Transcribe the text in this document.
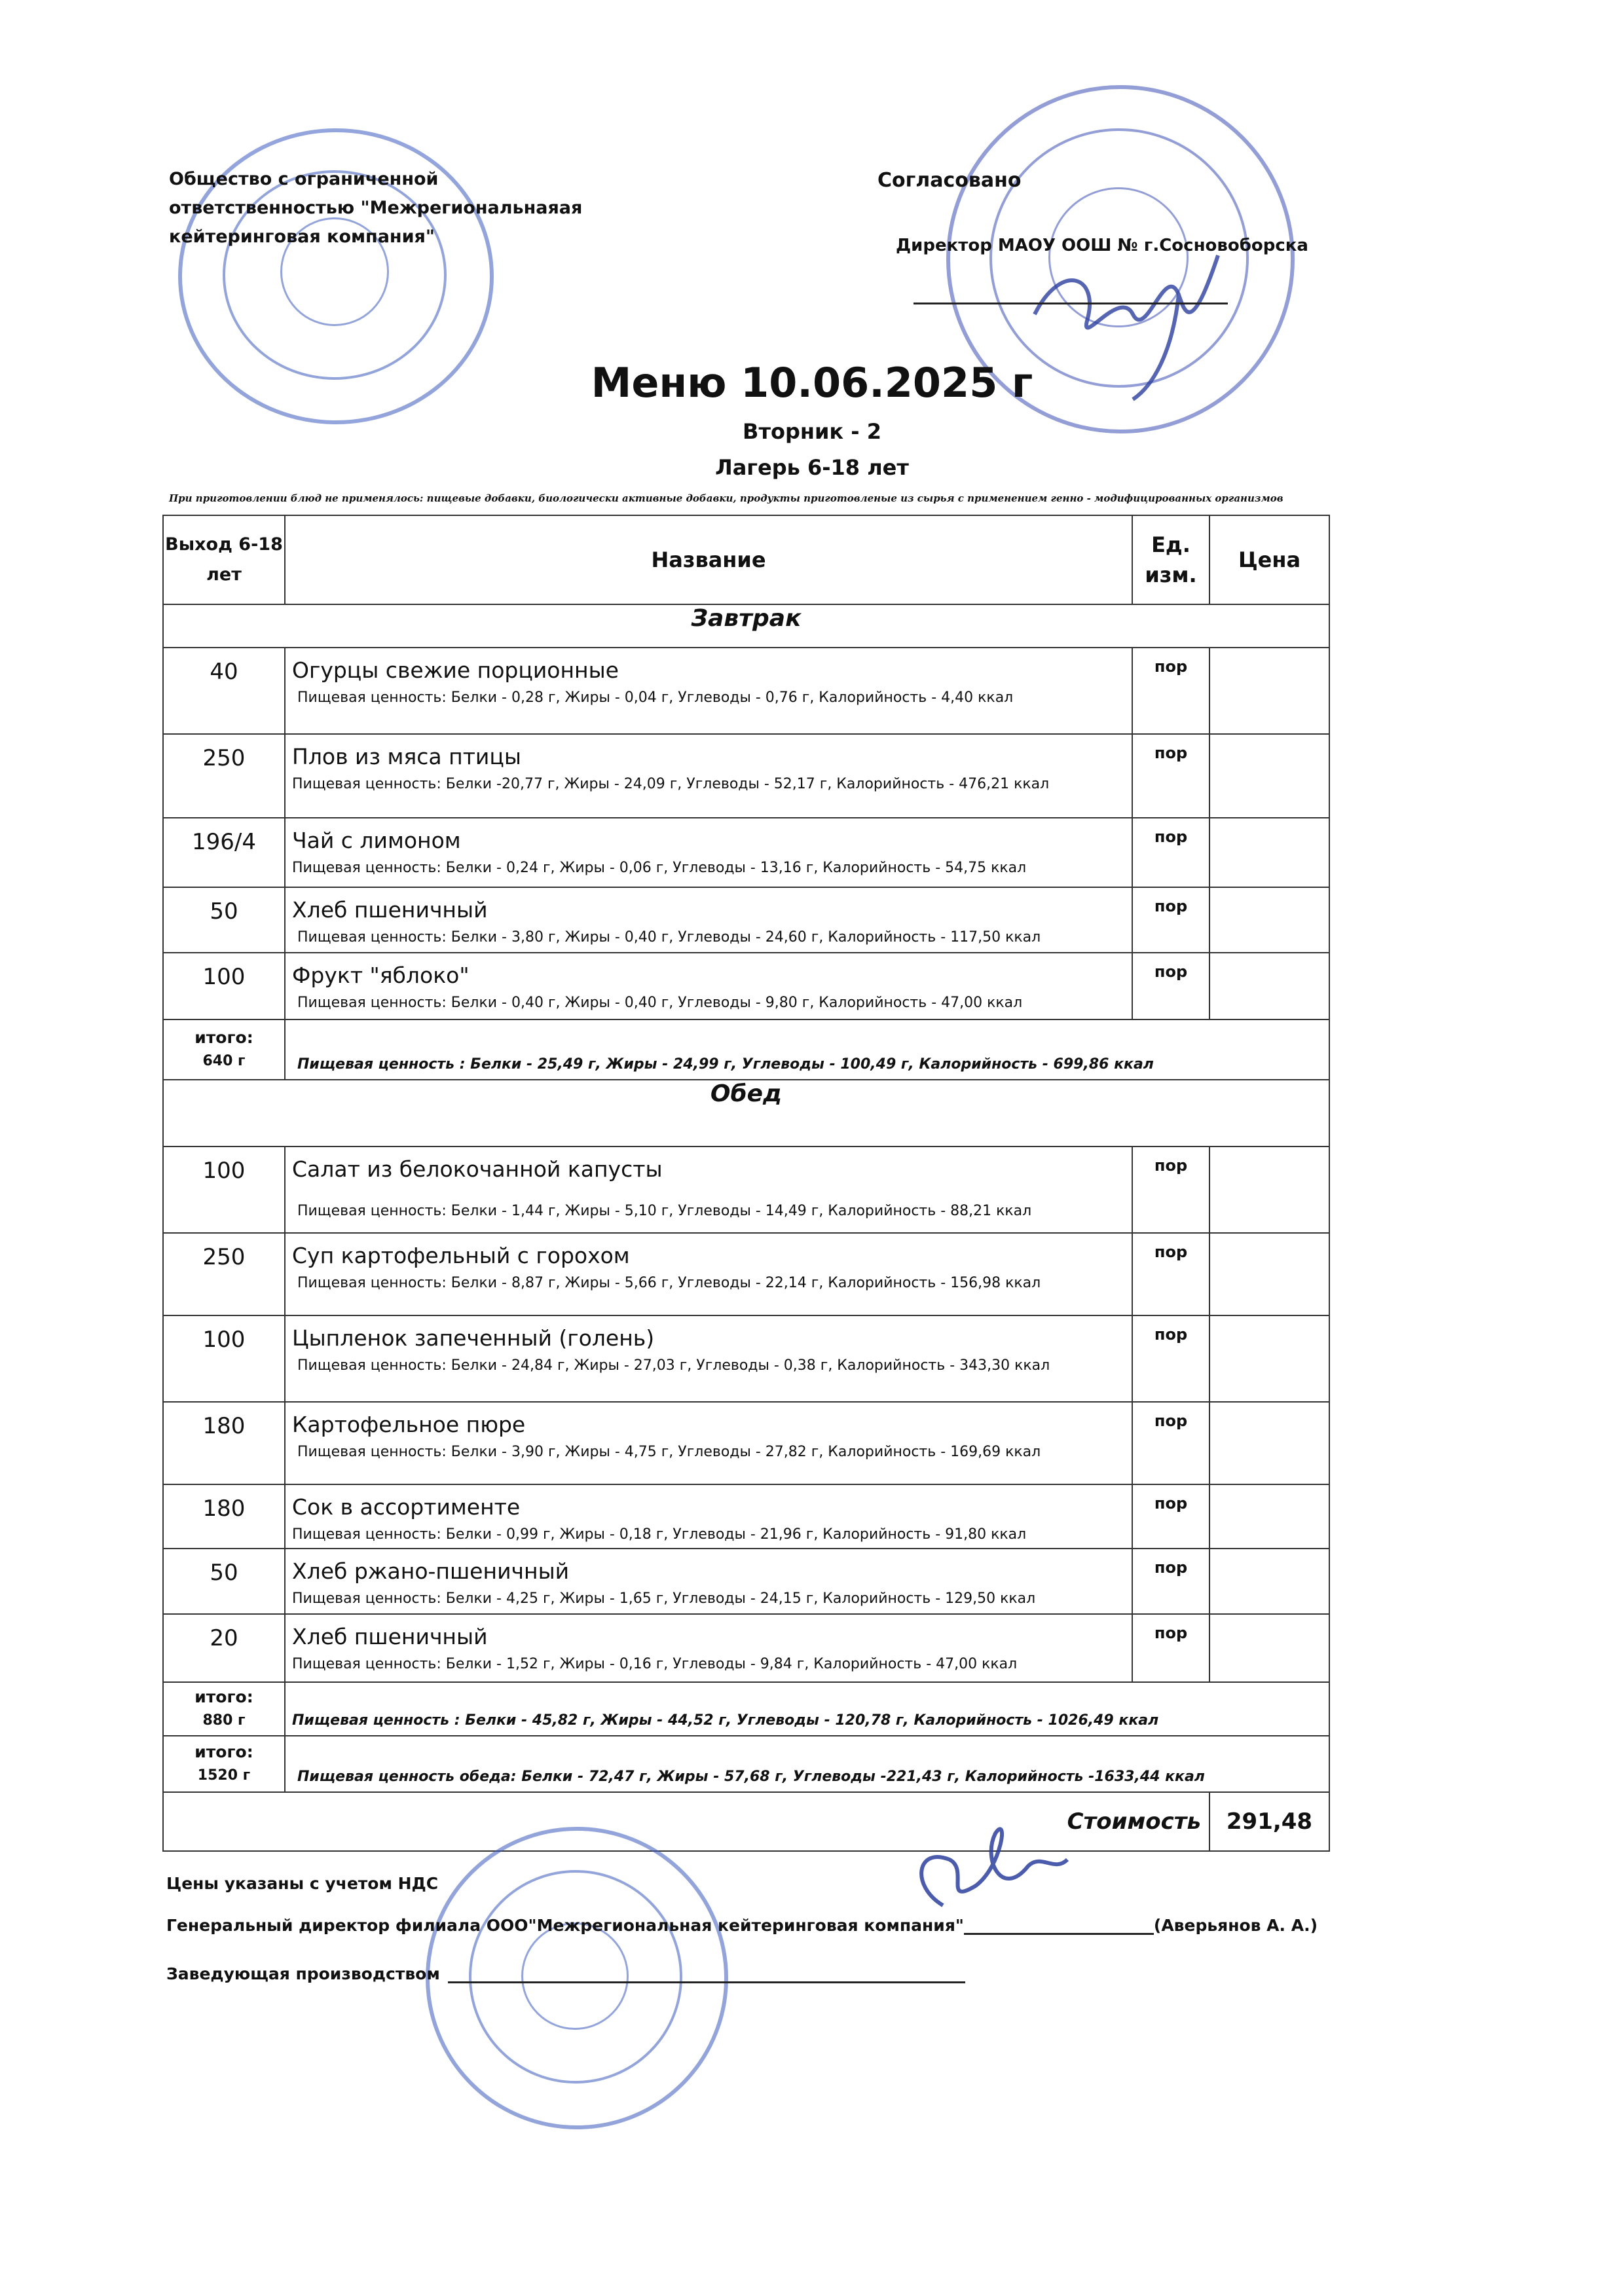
Общество с ограниченной
ответственностью "Межрегиональнаяая
кейтеринговая компания"
Согласовано
Директор МАОУ ООШ № г.Сосновоборска
Меню 10.06.2025 г
Вторник - 2
Лагерь 6-18 лет
При приготовлении блюд не применялось: пищевые добавки, биологически активные добавки, продукты приготовленые из сырья с применением генно - модифицированных организмов
Выход 6-18 лет	Название	Ед. изм.	Цена
Завтрак			
40	Огурцы свежие порционные
Пищевая ценность: Белки - 0,28 г, Жиры - 0,04 г, Углеводы - 0,76 г, Калорийность - 4,40 ккал	пор	
250	Плов из мяса птицы
Пищевая ценность: Белки -20,77 г, Жиры - 24,09 г, Углеводы - 52,17 г, Калорийность - 476,21 ккал	пор	
196/4	Чай с лимоном
Пищевая ценность: Белки - 0,24 г, Жиры - 0,06 г, Углеводы - 13,16 г, Калорийность - 54,75 ккал	пор	
50	Хлеб пшеничный
Пищевая ценность: Белки - 3,80 г, Жиры - 0,40 г, Углеводы - 24,60 г, Калорийность - 117,50 ккал	пор	
100	Фрукт "яблоко"
Пищевая ценность: Белки - 0,40 г, Жиры - 0,40 г, Углеводы - 9,80 г, Калорийность - 47,00 ккал	пор	

итого:
640 г	Пищевая ценность : Белки - 25,49 г, Жиры - 24,99 г, Углеводы - 100,49 г, Калорийность - 699,86 ккал		
Обед			
100	Салат из белокочанной капусты
Пищевая ценность: Белки - 1,44 г, Жиры - 5,10 г, Углеводы - 14,49 г, Калорийность - 88,21 ккал	пор	
250	Суп картофельный с горохом
Пищевая ценность: Белки - 8,87 г, Жиры - 5,66 г, Углеводы - 22,14 г, Калорийность - 156,98 ккал	пор	
100	Цыпленок запеченный (голень)
Пищевая ценность: Белки - 24,84 г, Жиры - 27,03 г, Углеводы - 0,38 г, Калорийность - 343,30 ккал	пор	
180	Картофельное пюре
Пищевая ценность: Белки - 3,90 г, Жиры - 4,75 г, Углеводы - 27,82 г, Калорийность - 169,69 ккал	пор	
180	Сок в ассортименте
Пищевая ценность: Белки - 0,99 г, Жиры - 0,18 г, Углеводы - 21,96 г, Калорийность - 91,80 ккал	пор	
50	Хлеб ржано-пшеничный
Пищевая ценность: Белки - 4,25 г, Жиры - 1,65 г, Углеводы - 24,15 г, Калорийность - 129,50 ккал	пор	
20	Хлеб пшеничный
Пищевая ценность: Белки - 1,52 г, Жиры - 0,16 г, Углеводы - 9,84 г, Калорийность - 47,00 ккал	пор	

итого:
880 г	Пищевая ценность : Белки - 45,82 г, Жиры - 44,52 г, Углеводы - 120,78 г, Калорийность - 1026,49 ккал		

итого:
1520 г	Пищевая ценность обеда: Белки - 72,47 г, Жиры - 57,68 г, Углеводы -221,43 г, Калорийность -1633,44 ккал		
Стоимость			291,48
Цены указаны с учетом НДС
Генеральный директор филиала ООО"Межрегиональная кейтеринговая компания"	(Аверьянов А. А.)
Заведующая производством
